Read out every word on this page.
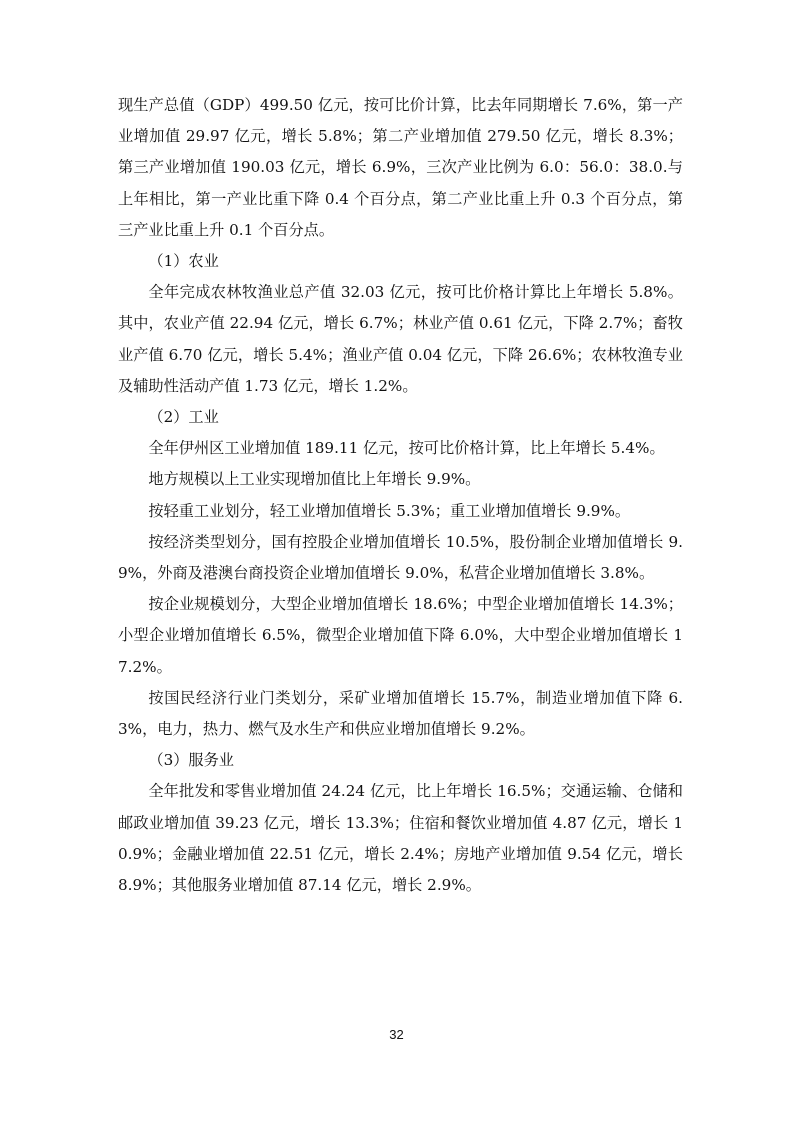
现生产总值（GDP）499.50 亿元，按可比价计算，比去年同期增长 7.6%，第一产业增加值 29.97 亿元，增长 5.8%；第二产业增加值 279.50 亿元，增长 8.3%；第三产业增加值 190.03 亿元，增长 6.9%，三次产业比例为 6.0：56.0：38.0.与上年相比，第一产业比重下降 0.4 个百分点，第二产业比重上升 0.3 个百分点，第三产业比重上升 0.1 个百分点。

（1）农业

全年完成农林牧渔业总产值 32.03 亿元，按可比价格计算比上年增长 5.8%。其中，农业产值 22.94 亿元，增长 6.7%；林业产值 0.61 亿元，下降 2.7%；畜牧业产值 6.70 亿元，增长 5.4%；渔业产值 0.04 亿元，下降 26.6%；农林牧渔专业及辅助性活动产值 1.73 亿元，增长 1.2%。

（2）工业

全年伊州区工业增加值 189.11 亿元，按可比价格计算，比上年增长 5.4%。

地方规模以上工业实现增加值比上年增长 9.9%。

按轻重工业划分，轻工业增加值增长 5.3%；重工业增加值增长 9.9%。

按经济类型划分，国有控股企业增加值增长 10.5%，股份制企业增加值增长 9.9%，外商及港澳台商投资企业增加值增长 9.0%，私营企业增加值增长 3.8%。

按企业规模划分，大型企业增加值增长 18.6%；中型企业增加值增长 14.3%；小型企业增加值增长 6.5%，微型企业增加值下降 6.0%，大中型企业增加值增长 17.2%。

按国民经济行业门类划分，采矿业增加值增长 15.7%，制造业增加值下降 6.3%，电力，热力、燃气及水生产和供应业增加值增长 9.2%。

（3）服务业

全年批发和零售业增加值 24.24 亿元，比上年增长 16.5%；交通运输、仓储和邮政业增加值 39.23 亿元，增长 13.3%；住宿和餐饮业增加值 4.87 亿元，增长 10.9%；金融业增加值 22.51 亿元，增长 2.4%；房地产业增加值 9.54 亿元，增长 8.9%；其他服务业增加值 87.14 亿元，增长 2.9%。

32
